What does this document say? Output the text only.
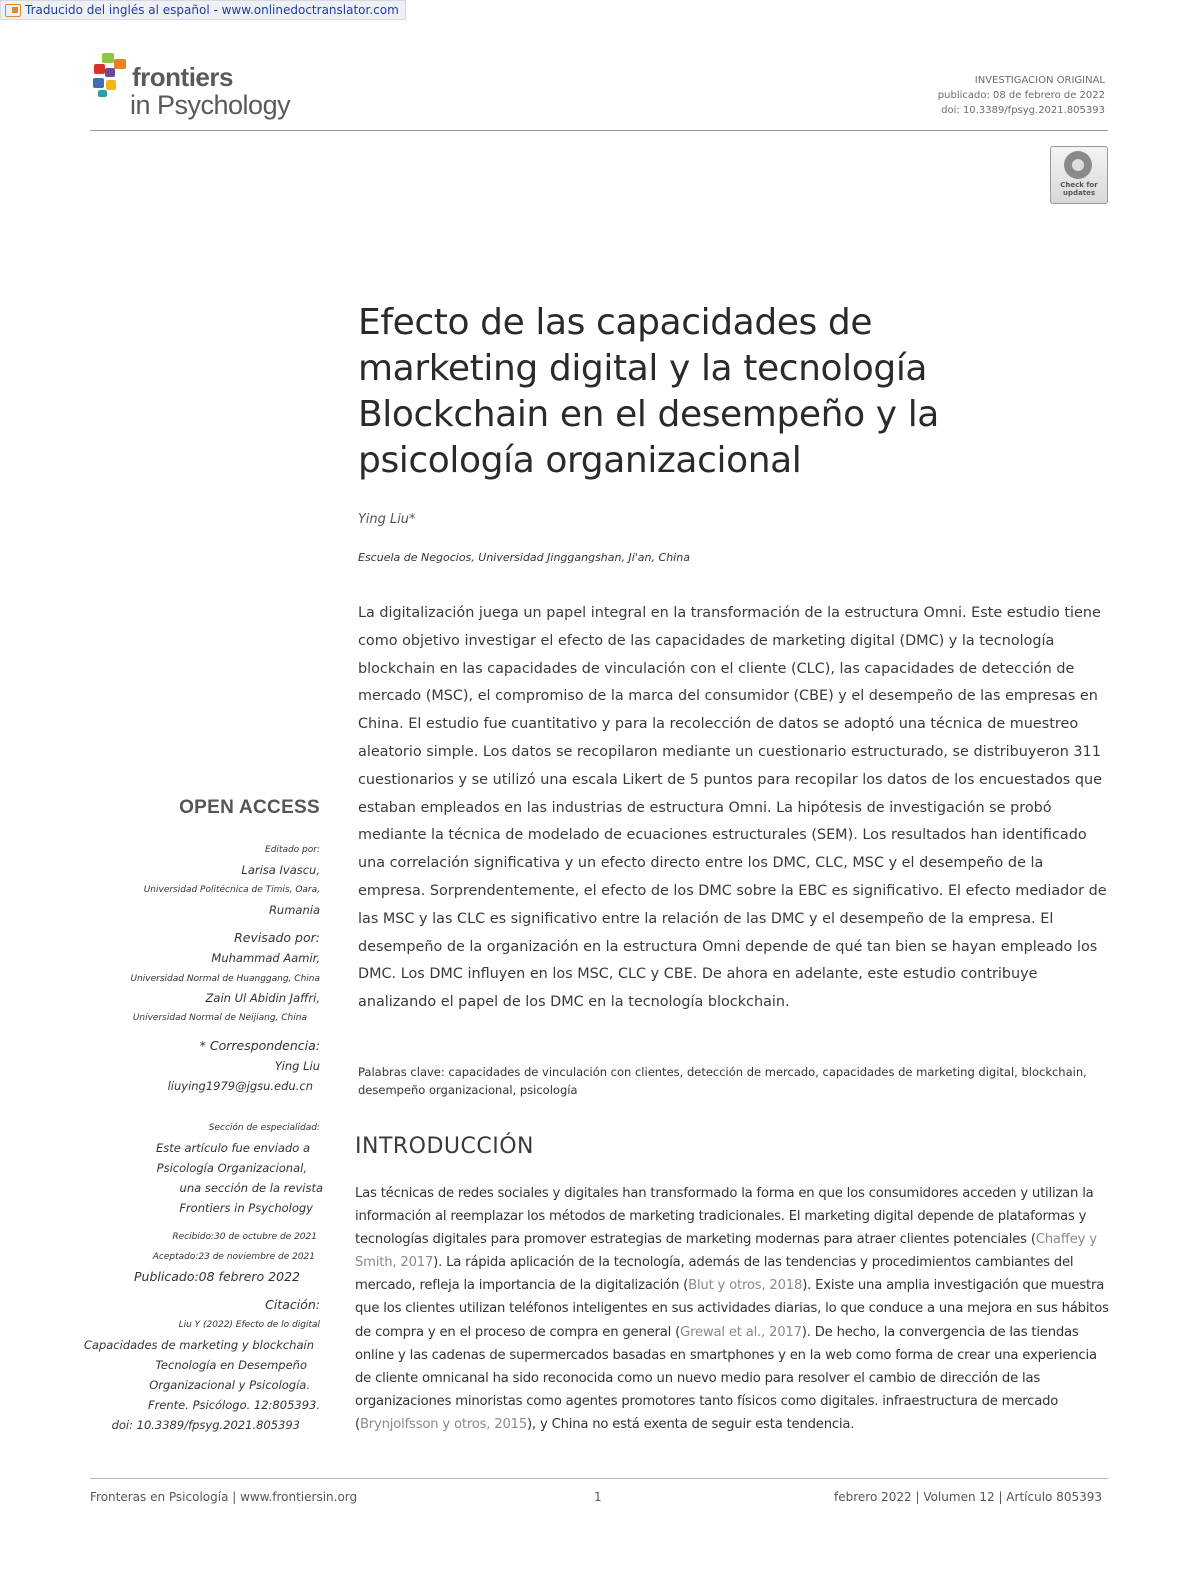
Traducido del inglés al español - www.onlinedoctranslator.com
frontiers
in Psychology
INVESTIGACION ORIGINAL
publicado: 08 de febrero de 2022
doi: 10.3389/fpsyg.2021.805393
Check for updates
Efecto de las capacidades de marketing digital y la tecnología Blockchain en el desempeño y la psicología organizacional
Ying Liu*
Escuela de Negocios, Universidad Jinggangshan, Ji'an, China
La digitalización juega un papel integral en la transformación de la estructura Omni. Este estudio tiene como objetivo investigar el efecto de las capacidades de marketing digital (DMC) y la tecnología blockchain en las capacidades de vinculación con el cliente (CLC), las capacidades de detección de mercado (MSC), el compromiso de la marca del consumidor (CBE) y el desempeño de las empresas en China. El estudio fue cuantitativo y para la recolección de datos se adoptó una técnica de muestreo aleatorio simple. Los datos se recopilaron mediante un cuestionario estructurado, se distribuyeron 311 cuestionarios y se utilizó una escala Likert de 5 puntos para recopilar los datos de los encuestados que estaban empleados en las industrias de estructura Omni. La hipótesis de investigación se probó mediante la técnica de modelado de ecuaciones estructurales (SEM). Los resultados han identificado una correlación significativa y un efecto directo entre los DMC, CLC, MSC y el desempeño de la empresa. Sorprendentemente, el efecto de los DMC sobre la EBC es significativo. El efecto mediador de las MSC y las CLC es significativo entre la relación de las DMC y el desempeño de la empresa. El desempeño de la organización en la estructura Omni depende de qué tan bien se hayan empleado los DMC. Los DMC influyen en los MSC, CLC y CBE. De ahora en adelante, este estudio contribuye analizando el papel de los DMC en la tecnología blockchain.
Palabras clave: capacidades de vinculación con clientes, detección de mercado, capacidades de marketing digital, blockchain, desempeño organizacional, psicología
INTRODUCCIÓN
Las técnicas de redes sociales y digitales han transformado la forma en que los consumidores acceden y utilizan la información al reemplazar los métodos de marketing tradicionales. El marketing digital depende de plataformas y tecnologías digitales para promover estrategias de marketing modernas para atraer clientes potenciales (Chaffey y Smith, 2017). La rápida aplicación de la tecnología, además de las tendencias y procedimientos cambiantes del mercado, refleja la importancia de la digitalización (Blut y otros, 2018). Existe una amplia investigación que muestra que los clientes utilizan teléfonos inteligentes en sus actividades diarias, lo que conduce a una mejora en sus hábitos de compra y en el proceso de compra en general (Grewal et al., 2017). De hecho, la convergencia de las tiendas online y las cadenas de supermercados basadas en smartphones y en la web como forma de crear una experiencia de cliente omnicanal ha sido reconocida como un nuevo medio para resolver el cambio de dirección de las organizaciones minoristas como agentes promotores tanto físicos como digitales. infraestructura de mercado (Brynjolfsson y otros, 2015), y China no está exenta de seguir esta tendencia.
OPEN ACCESS
Editado por:
Larisa Ivascu,
Universidad Politécnica de Timis, Oara,
Rumania
Revisado por:
Muhammad Aamir,
Universidad Normal de Huanggang, China
Zain Ul Abidin Jaffri,
Universidad Normal de Neijiang, China
* Correspondencia:
Ying Liu
liuying1979@jgsu.edu.cn
Sección de especialidad:
Este artículo fue enviado a
Psicología Organizacional,
una sección de la revista
Frontiers in Psychology
Recibido:30 de octubre de 2021
Aceptado:23 de noviembre de 2021
Publicado:08 febrero 2022
Citación:
Liu Y (2022) Efecto de lo digital
Capacidades de marketing y blockchain
Tecnología en Desempeño
Organizacional y Psicología.
Frente. Psicólogo. 12:805393.
doi: 10.3389/fpsyg.2021.805393
Fronteras en Psicología | www.frontiersin.org	1	febrero 2022 | Volumen 12 | Artículo 805393
